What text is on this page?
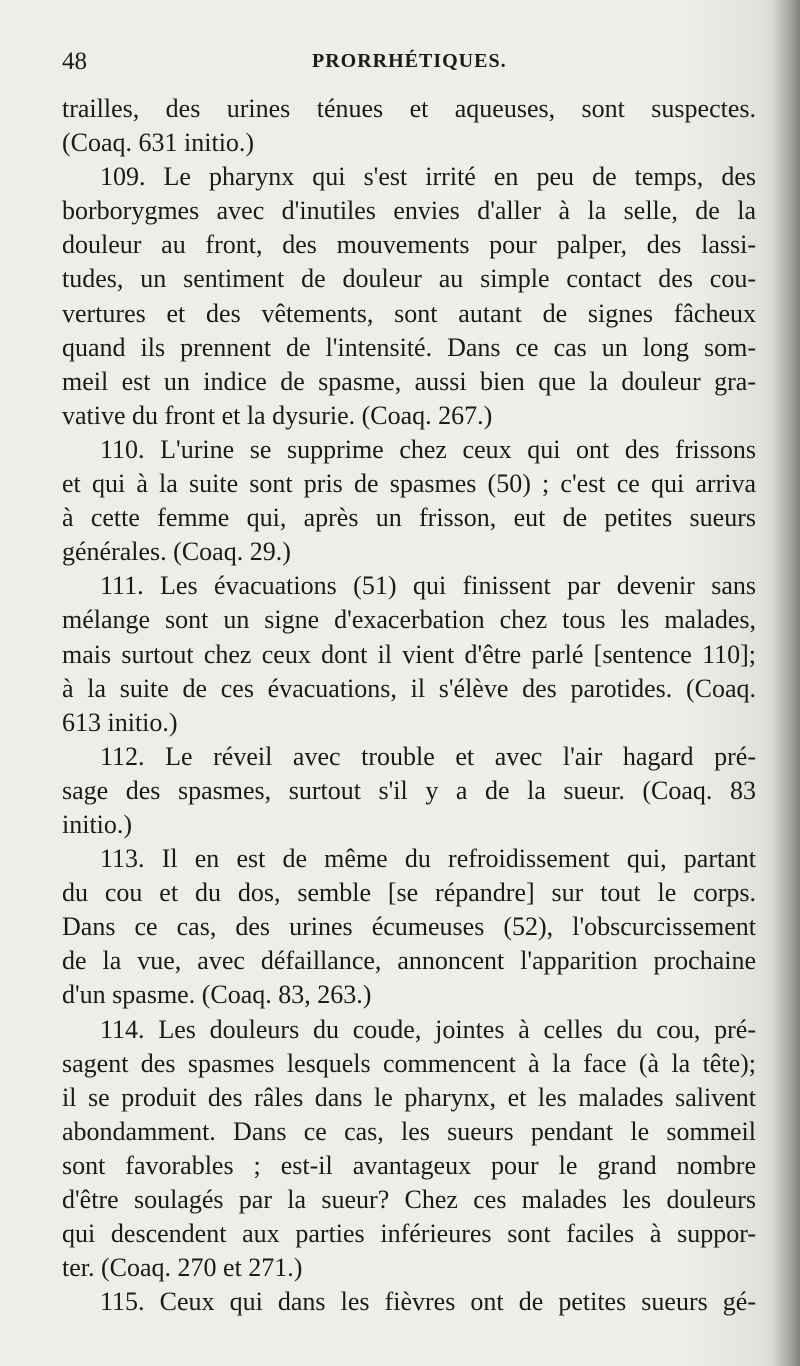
48	PRORRHÉTIQUES.
trailles, des urines ténues et aqueuses, sont suspectes.
(Coaq. 631 initio.)
109. Le pharynx qui s'est irrité en peu de temps, des
borborygmes avec d'inutiles envies d'aller à la selle, de la
douleur au front, des mouvements pour palper, des lassi-
tudes, un sentiment de douleur au simple contact des cou-
vertures et des vêtements, sont autant de signes fâcheux
quand ils prennent de l'intensité. Dans ce cas un long som-
meil est un indice de spasme, aussi bien que la douleur gra-
vative du front et la dysurie. (Coaq. 267.)
110. L'urine se supprime chez ceux qui ont des frissons
et qui à la suite sont pris de spasmes (50) ; c'est ce qui arriva
à cette femme qui, après un frisson, eut de petites sueurs
générales. (Coaq. 29.)
111. Les évacuations (51) qui finissent par devenir sans
mélange sont un signe d'exacerbation chez tous les malades,
mais surtout chez ceux dont il vient d'être parlé [sentence 110];
à la suite de ces évacuations, il s'élève des parotides. (Coaq.
613 initio.)
112. Le réveil avec trouble et avec l'air hagard pré-
sage des spasmes, surtout s'il y a de la sueur. (Coaq. 83
initio.)
113. Il en est de même du refroidissement qui, partant
du cou et du dos, semble [se répandre] sur tout le corps.
Dans ce cas, des urines écumeuses (52), l'obscurcissement
de la vue, avec défaillance, annoncent l'apparition prochaine
d'un spasme. (Coaq. 83, 263.)
114. Les douleurs du coude, jointes à celles du cou, pré-
sagent des spasmes lesquels commencent à la face (à la tête);
il se produit des râles dans le pharynx, et les malades salivent
abondamment. Dans ce cas, les sueurs pendant le sommeil
sont favorables ; est-il avantageux pour le grand nombre
d'être soulagés par la sueur? Chez ces malades les douleurs
qui descendent aux parties inférieures sont faciles à suppor-
ter. (Coaq. 270 et 271.)
115. Ceux qui dans les fièvres ont de petites sueurs gé-
